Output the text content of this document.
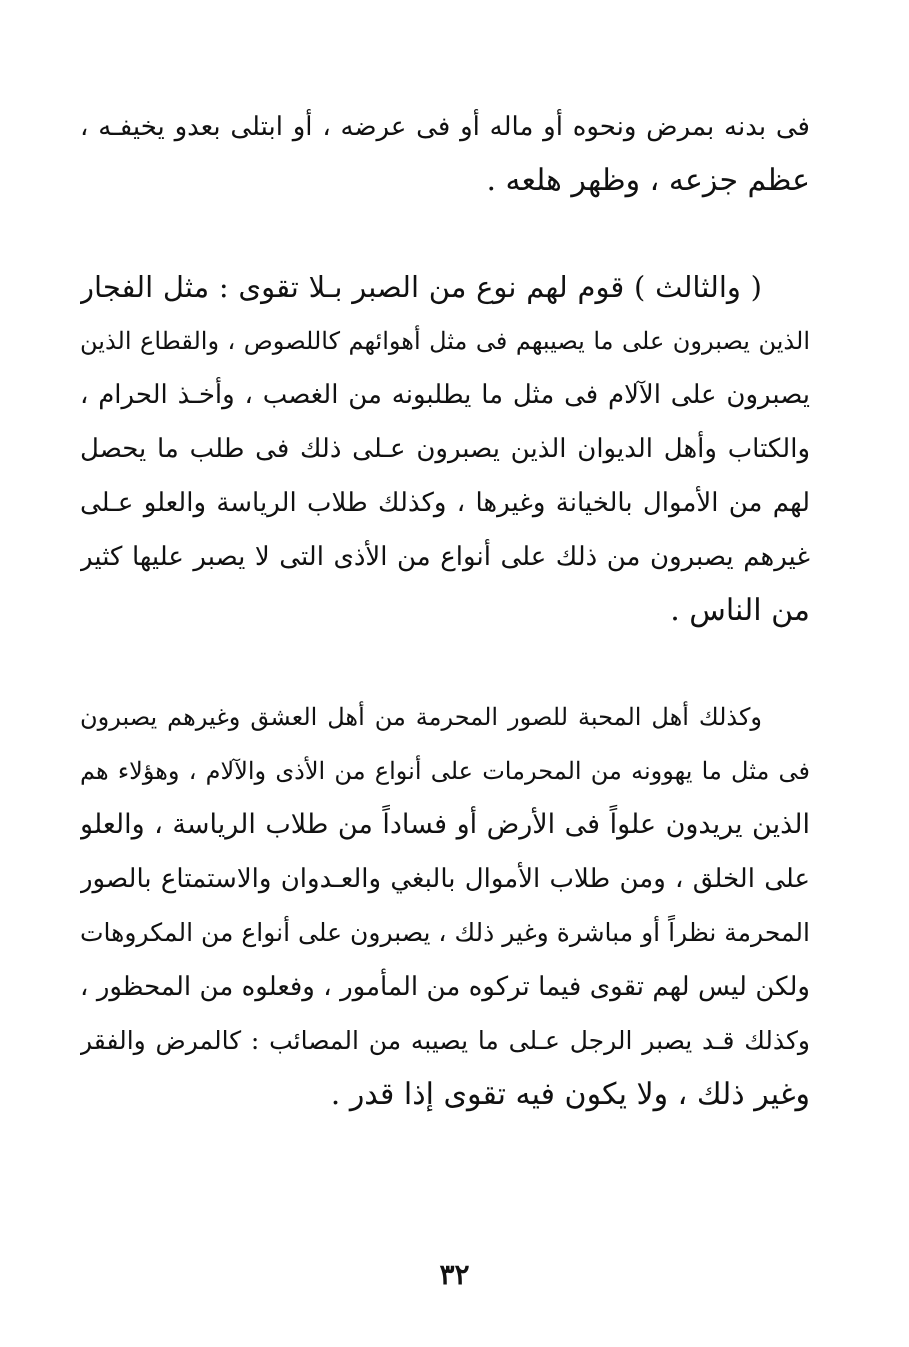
فى بدنه بمرض ونحوه أو ماله أو فى عرضه ، أو ابتلى بعدو يخيفـه ،
عظم جزعه ، وظهر هلعه .
( والثالث ) قوم لهم نوع من الصبر بـلا تقوى : مثل الفجار
الذين يصبرون على ما يصيبهم فى مثل أهوائهم كاللصوص ، والقطاع الذين
يصبرون على الآلام فى مثل ما يطلبونه من الغصب ، وأخـذ الحرام ،
والكتاب وأهل الديوان الذين يصبرون عـلى ذلك فى طلب ما يحصل
لهم من الأموال بالخيانة وغيرها ، وكذلك طلاب الرياسة والعلو عـلى
غيرهم يصبرون من ذلك على أنواع من الأذى التى لا يصبر عليها كثير
من الناس .
وكذلك أهل المحبة للصور المحرمة من أهل العشق وغيرهم يصبرون
فى مثل ما يهوونه من المحرمات على أنواع من الأذى والآلام ، وهؤلاء هم
الذين يريدون علواً فى الأرض أو فساداً من طلاب الرياسة ، والعلو
على الخلق ، ومن طلاب الأموال بالبغي والعـدوان والاستمتاع بالصور
المحرمة نظراً أو مباشرة وغير ذلك ، يصبرون على أنواع من المكروهات
ولكن ليس لهم تقوى فيما تركوه من المأمور ، وفعلوه من المحظور ،
وكذلك قـد يصبر الرجل عـلى ما يصيبه من المصائب : كالمرض والفقر
وغير ذلك ، ولا يكون فيه تقوى إذا قدر .
٣٢
